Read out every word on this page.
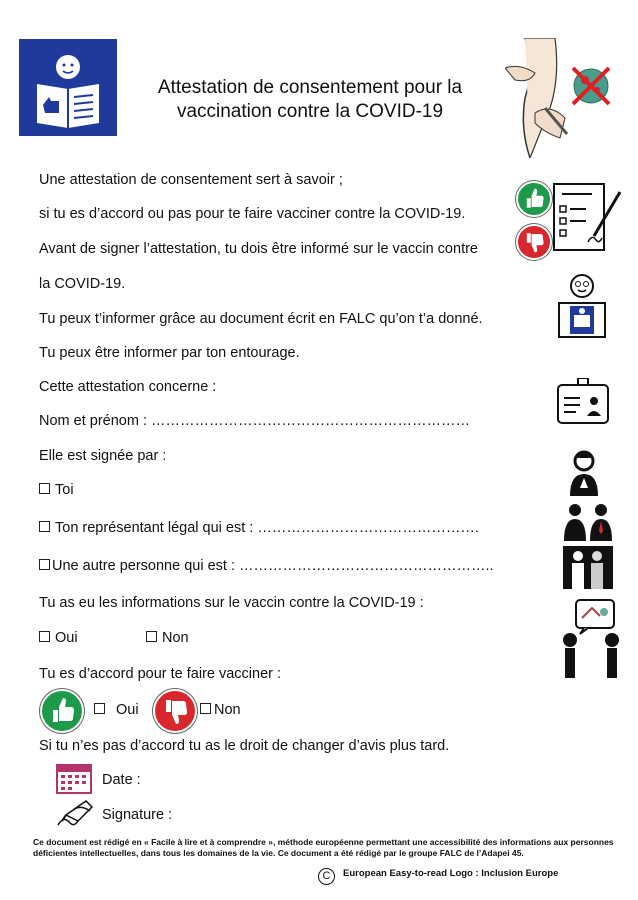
Attestation de consentement pour la
vaccination contre la COVID-19
Une attestation de consentement sert à savoir ;
si tu es d’accord ou pas pour te faire vacciner contre la COVID-19.
Avant de signer l’attestation, tu dois être informé sur le vaccin contre
la COVID-19.
Tu peux t’informer grâce au document écrit en FALC qu’on t’a donné.
Tu peux être informer par ton entourage.
Cette attestation concerne :
Nom et prénom : …………………………………………………………
Elle est signée par :
Toi
Ton représentant légal qui est : ……………………………………….
Une autre personne qui est : ……………………………………………..
Tu as eu les informations sur le vaccin contre la COVID-19 :
Oui	Non
Tu es d’accord pour te faire vacciner :
Oui	Non
Si tu n’es pas d’accord tu as le droit de changer d’avis plus tard.
Date :
Signature :
Ce document est rédigé en « Facile à lire et à comprendre », méthode européenne permettant une accessibilité des informations aux personnes déficientes intellectuelles, dans tous les domaines de la vie. Ce document a été rédigé par le groupe FALC de l’Adapei 45.
C European Easy-to-read Logo : Inclusion Europe
